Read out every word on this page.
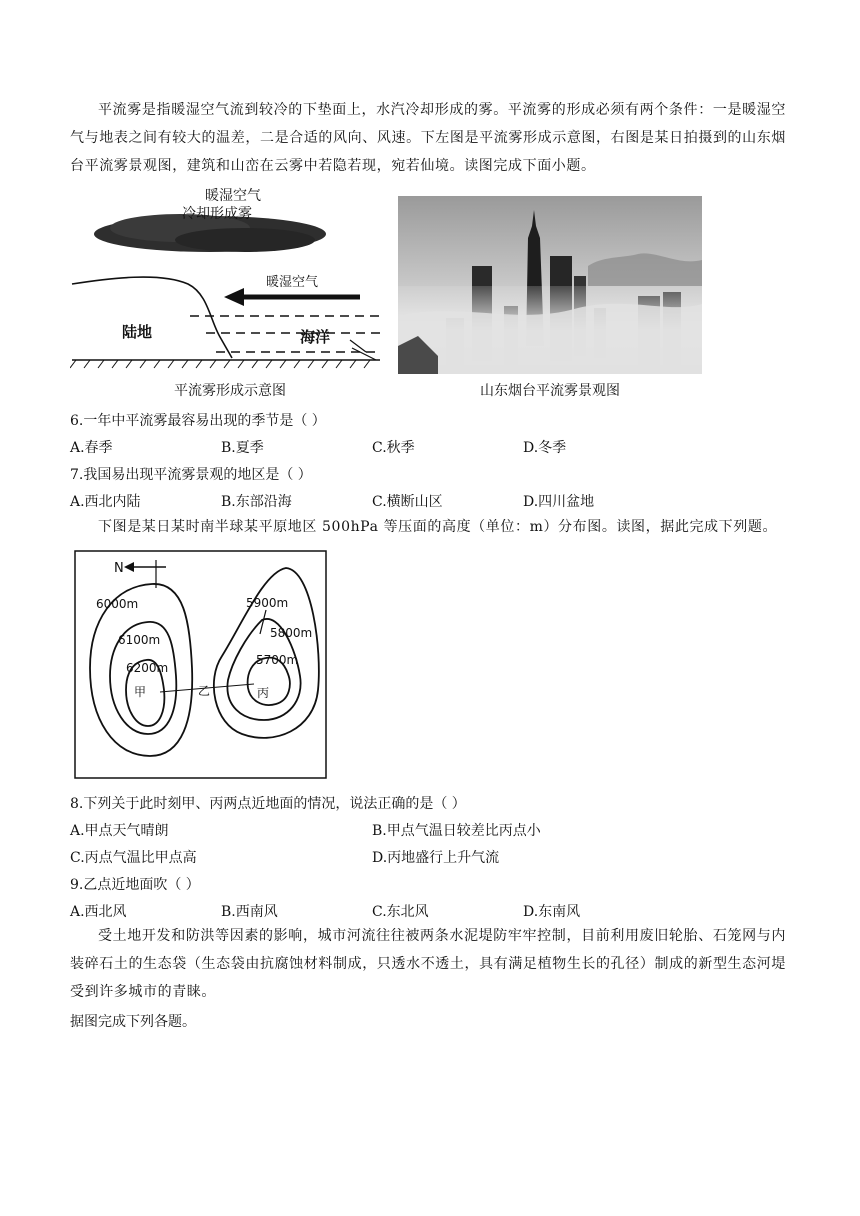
平流雾是指暖湿空气流到较冷的下垫面上，水汽冷却形成的雾。平流雾的形成必须有两个条件：一是暖湿空气与地表之间有较大的温差，二是合适的风向、风速。下左图是平流雾形成示意图，右图是某日拍摄到的山东烟台平流雾景观图，建筑和山峦在云雾中若隐若现，宛若仙境。读图完成下面小题。
暖湿空气
冷却形成雾
暖湿空气
陆地	海洋
平流雾形成示意图	山东烟台平流雾景观图
6.一年中平流雾最容易出现的季节是（ ）
A.春季	B.夏季	C.秋季	D.冬季
7.我国易出现平流雾景观的地区是（ ）
A.西北内陆	B.东部沿海	C.横断山区	D.四川盆地
下图是某日某时南半球某平原地区 500hPa 等压面的高度（单位：m）分布图。读图，据此完成下列题。
N
6000m
6100m
6200m
甲
5900m
5800m
5700m
乙	丙
8.下列关于此时刻甲、丙两点近地面的情况，说法正确的是（ ）
A.甲点天气晴朗	B.甲点气温日较差比丙点小
C.丙点气温比甲点高	D.丙地盛行上升气流
9.乙点近地面吹（ ）
A.西北风	B.西南风	C.东北风	D.东南风
受土地开发和防洪等因素的影响，城市河流往往被两条水泥堤防牢牢控制，目前利用废旧轮胎、石笼网与内装碎石土的生态袋（生态袋由抗腐蚀材料制成，只透水不透土，具有满足植物生长的孔径）制成的新型生态河堤受到许多城市的青睐。
据图完成下列各题。
